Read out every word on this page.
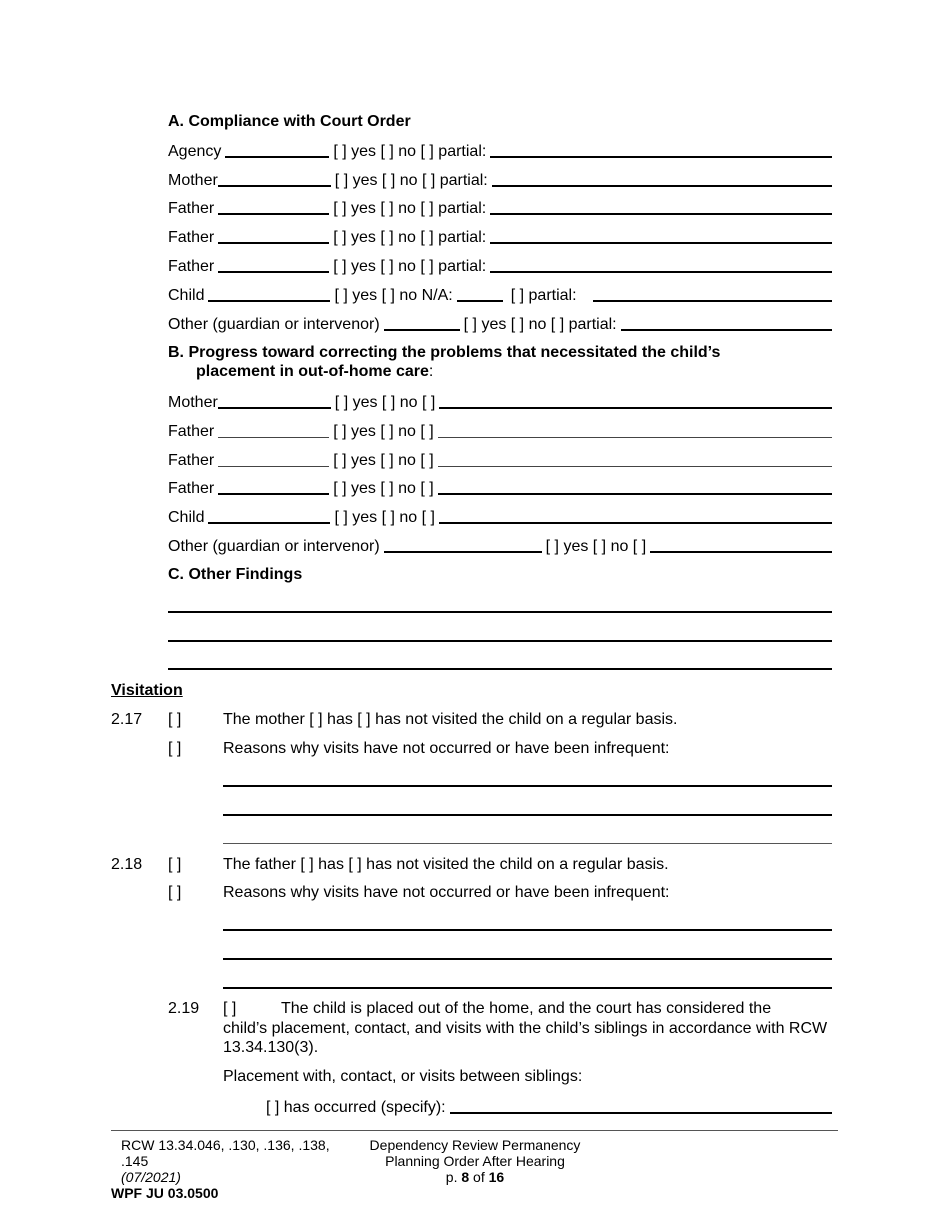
A. Compliance with Court Order
Agency	[ ] yes [ ] no [ ] partial:
Mother	[ ] yes [ ] no [ ] partial:
Father	[ ] yes [ ] no [ ] partial:
Father	[ ] yes [ ] no [ ] partial:
Father	[ ] yes [ ] no [ ] partial:
Child	[ ] yes [ ] no N/A:	[ ] partial:
Other (guardian or intervenor)	[ ] yes [ ] no [ ] partial:
B. Progress toward correcting the problems that necessitated the child’s
placement in out-of-home care:
Mother	[ ] yes [ ] no [ ]
Father	[ ] yes [ ] no [ ]
Father	[ ] yes [ ] no [ ]
Father	[ ] yes [ ] no [ ]
Child	[ ] yes [ ] no [ ]
Other (guardian or intervenor)	[ ] yes [ ] no [ ]
C. Other Findings
Visitation
2.17 [ ]	The mother [ ] has [ ] has not visited the child on a regular basis.
[ ]	Reasons why visits have not occurred or have been infrequent:
2.18 [ ]	The father [ ] has [ ] has not visited the child on a regular basis.
[ ]	Reasons why visits have not occurred or have been infrequent:
2.19 [ ]	The child is placed out of the home, and the court has considered the
child’s placement, contact, and visits with the child’s siblings in accordance with RCW 13.34.130(3).
Placement with, contact, or visits between siblings:
[ ] has occurred (specify):
RCW 13.34.046, .130, .136, .138,
.145
(07/2021)
WPF JU 03.0500
Dependency Review Permanency
Planning Order After Hearing
p. 8 of 16
